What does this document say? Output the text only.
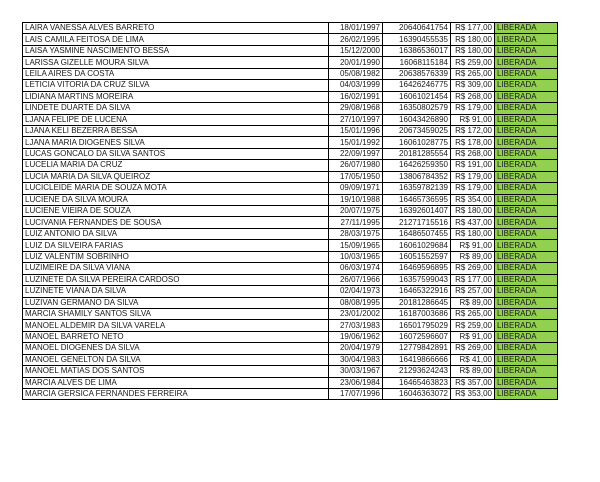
LAIRA VANESSA ALVES BARRETO	18/01/1997	20640641754	R$ 177,00	LIBERADA
LAIS CAMILA FEITOSA DE LIMA	26/02/1995	16390455535	R$ 180,00	LIBERADA
LAISA YASMINE NASCIMENTO BESSA	15/12/2000	16386536017	R$ 180,00	LIBERADA
LARISSA GIZELLE MOURA SILVA	20/01/1990	16068115184	R$ 259,00	LIBERADA
LEILA AIRES DA COSTA	05/08/1982	20638576339	R$ 265,00	LIBERADA
LETICIA VITORIA DA CRUZ SILVA	04/03/1999	16426246775	R$ 309,00	LIBERADA
LIDIANA MARTINS MOREIRA	16/02/1991	16061021454	R$ 268,00	LIBERADA
LINDETE DUARTE DA SILVA	29/08/1968	16350802579	R$ 179,00	LIBERADA
LJANA FELIPE DE LUCENA	27/10/1997	16043426890	R$ 91,00	LIBERADA
LJANA KELI BEZERRA BESSA	15/01/1996	20673459025	R$ 172,00	LIBERADA
LJANA MARIA DIOGENES SILVA	15/01/1992	16061028775	R$ 178,00	LIBERADA
LUCAS GONCALO DA SILVA SANTOS	22/09/1997	20181285554	R$ 268,00	LIBERADA
LUCELIA MARIA DA CRUZ	26/07/1980	16426259350	R$ 191,00	LIBERADA
LUCIA MARIA DA SILVA QUEIROZ	17/05/1950	13806784352	R$ 179,00	LIBERADA
LUCICLEIDE MARIA DE SOUZA MOTA	09/09/1971	16359782139	R$ 179,00	LIBERADA
LUCIENE DA SILVA MOURA	19/10/1988	16465736595	R$ 354,00	LIBERADA
LUCIENE VIEIRA DE SOUZA	20/07/1975	16392601407	R$ 180,00	LIBERADA
LUCIVANIA FERNANDES DE SOUSA	27/11/1995	21271715516	R$ 437,00	LIBERADA
LUIZ ANTONIO DA SILVA	28/03/1975	16486507455	R$ 180,00	LIBERADA
LUIZ DA SILVEIRA FARIAS	15/09/1965	16061029684	R$ 91,00	LIBERADA
LUIZ VALENTIM SOBRINHO	10/03/1965	16051552597	R$ 89,00	LIBERADA
LUZIMEIRE DA SILVA VIANA	06/03/1974	16469596895	R$ 269,00	LIBERADA
LUZINETE DA SILVA PEREIRA CARDOSO	26/07/1966	16357599043	R$ 177,00	LIBERADA
LUZINETE VIANA DA SILVA	02/04/1973	16465322916	R$ 257,00	LIBERADA
LUZIVAN GERMANO DA SILVA	08/08/1995	20181286645	R$ 89,00	LIBERADA
MARCIA SHAMILY SANTOS SILVA	23/01/2002	16187003686	R$ 265,00	LIBERADA
MANOEL ALDEMIR DA SILVA VARELA	27/03/1983	16501795029	R$ 259,00	LIBERADA
MANOEL BARRETO NETO	19/06/1962	16072596607	R$ 91,00	LIBERADA
MANOEL DIOGENES DA SILVA	20/04/1979	12779842891	R$ 269,00	LIBERADA
MANOEL GENELTON DA SILVA	30/04/1983	16419866666	R$ 41,00	LIBERADA
MANOEL MATIAS DOS SANTOS	30/03/1967	21293624243	R$ 89,00	LIBERADA
MARCIA ALVES DE LIMA	23/06/1984	16465463823	R$ 357,00	LIBERADA
MARCIA GERSICA FERNANDES FERREIRA	17/07/1996	16046363072	R$ 353,00	LIBERADA
